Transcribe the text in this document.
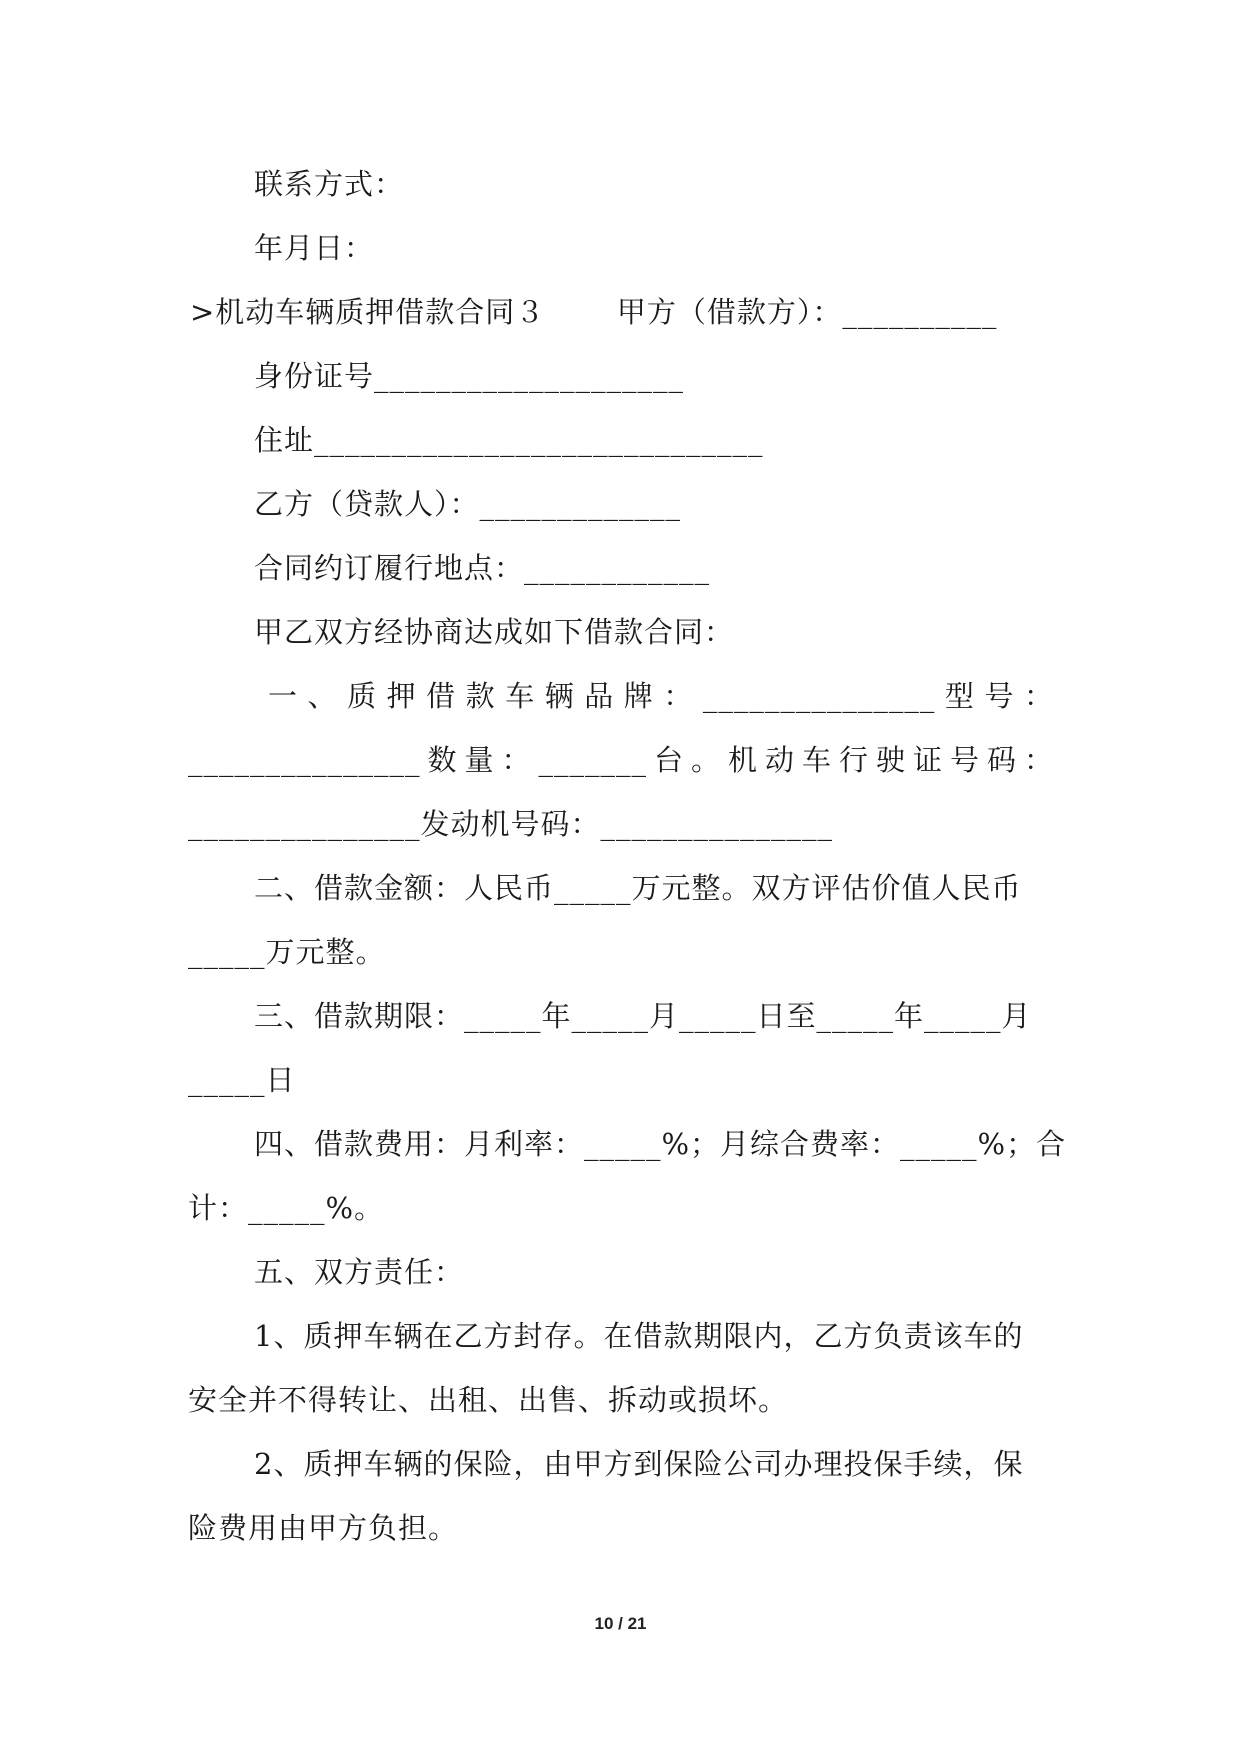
联系方式：

年月日：

>机动车辆质押借款合同３       甲方（借款方）：__________

身份证号____________________

住址_____________________________

乙方（贷款人）：_____________

合同约订履行地点：____________

甲乙双方经协商达成如下借款合同：

一、质押借款车辆品牌：_______________型号：

_______________数量：_______台。机动车行驶证号码：

_______________发动机号码：_______________

二、借款金额：人民币_____万元整。双方评估价值人民币

_____万元整。

三、借款期限：_____年_____月_____日至_____年_____月

_____日

四、借款费用：月利率：_____%；月综合费率：_____%；合

计：_____%。

五、双方责任：

1、质押车辆在乙方封存。在借款期限内，乙方负责该车的

安全并不得转让、出租、出售、拆动或损坏。

2、质押车辆的保险，由甲方到保险公司办理投保手续，保

险费用由甲方负担。

10 / 21
